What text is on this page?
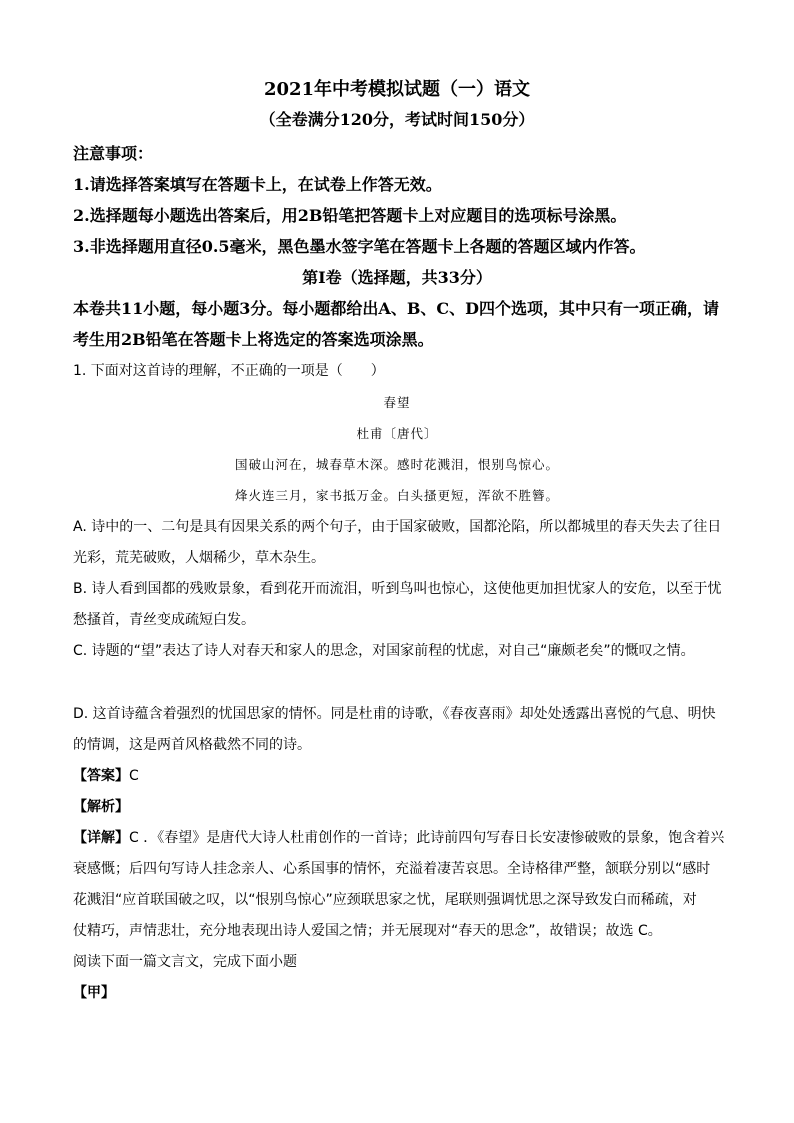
2021年中考模拟试题（一）语文
（全卷满分120分，考试时间150分）
注意事项：
1.请选择答案填写在答题卡上，在试卷上作答无效。
2.选择题每小题选出答案后，用2B铅笔把答题卡上对应题目的选项标号涂黑。
3.非选择题用直径0.5毫米，黑色墨水签字笔在答题卡上各题的答题区域内作答。
第Ⅰ卷（选择题，共33分）
本卷共11小题，每小题3分。每小题都给出A、B、C、D四个选项，其中只有一项正确，请
考生用2B铅笔在答题卡上将选定的答案选项涂黑。
1. 下面对这首诗的理解，不正确的一项是（　　）
春望
杜甫〔唐代〕
国破山河在，城春草木深。感时花溅泪，恨别鸟惊心。
烽火连三月，家书抵万金。白头搔更短，浑欲不胜簪。
A. 诗中的一、二句是具有因果关系的两个句子，由于国家破败，国都沦陷，所以都城里的春天失去了往日
光彩，荒芜破败，人烟稀少，草木杂生。
B. 诗人看到国都的残败景象，看到花开而流泪，听到鸟叫也惊心，这使他更加担忧家人的安危，以至于忧
愁搔首，青丝变成疏短白发。
C. 诗题的“望”表达了诗人对春天和家人的思念，对国家前程的忧虑，对自己“廉颇老矣”的慨叹之情。
D. 这首诗蕴含着强烈的忧国思家的情怀。同是杜甫的诗歌，《春夜喜雨》却处处透露出喜悦的气息、明快
的情调，这是两首风格截然不同的诗。
【答案】C
【解析】
【详解】C ．《春望》是唐代大诗人杜甫创作的一首诗；此诗前四句写春日长安凄惨破败的景象，饱含着兴
衰感慨；后四句写诗人挂念亲人、心系国事的情怀，充溢着凄苦哀思。全诗格律严整，颔联分别以“感时
花溅泪“应首联国破之叹，以“恨别鸟惊心”应颈联思家之忧，尾联则强调忧思之深导致发白而稀疏，对
仗精巧，声情悲壮，充分地表现出诗人爱国之情；并无展现对“春天的思念”，故错误；故选 C。
阅读下面一篇文言文，完成下面小题
【甲】
